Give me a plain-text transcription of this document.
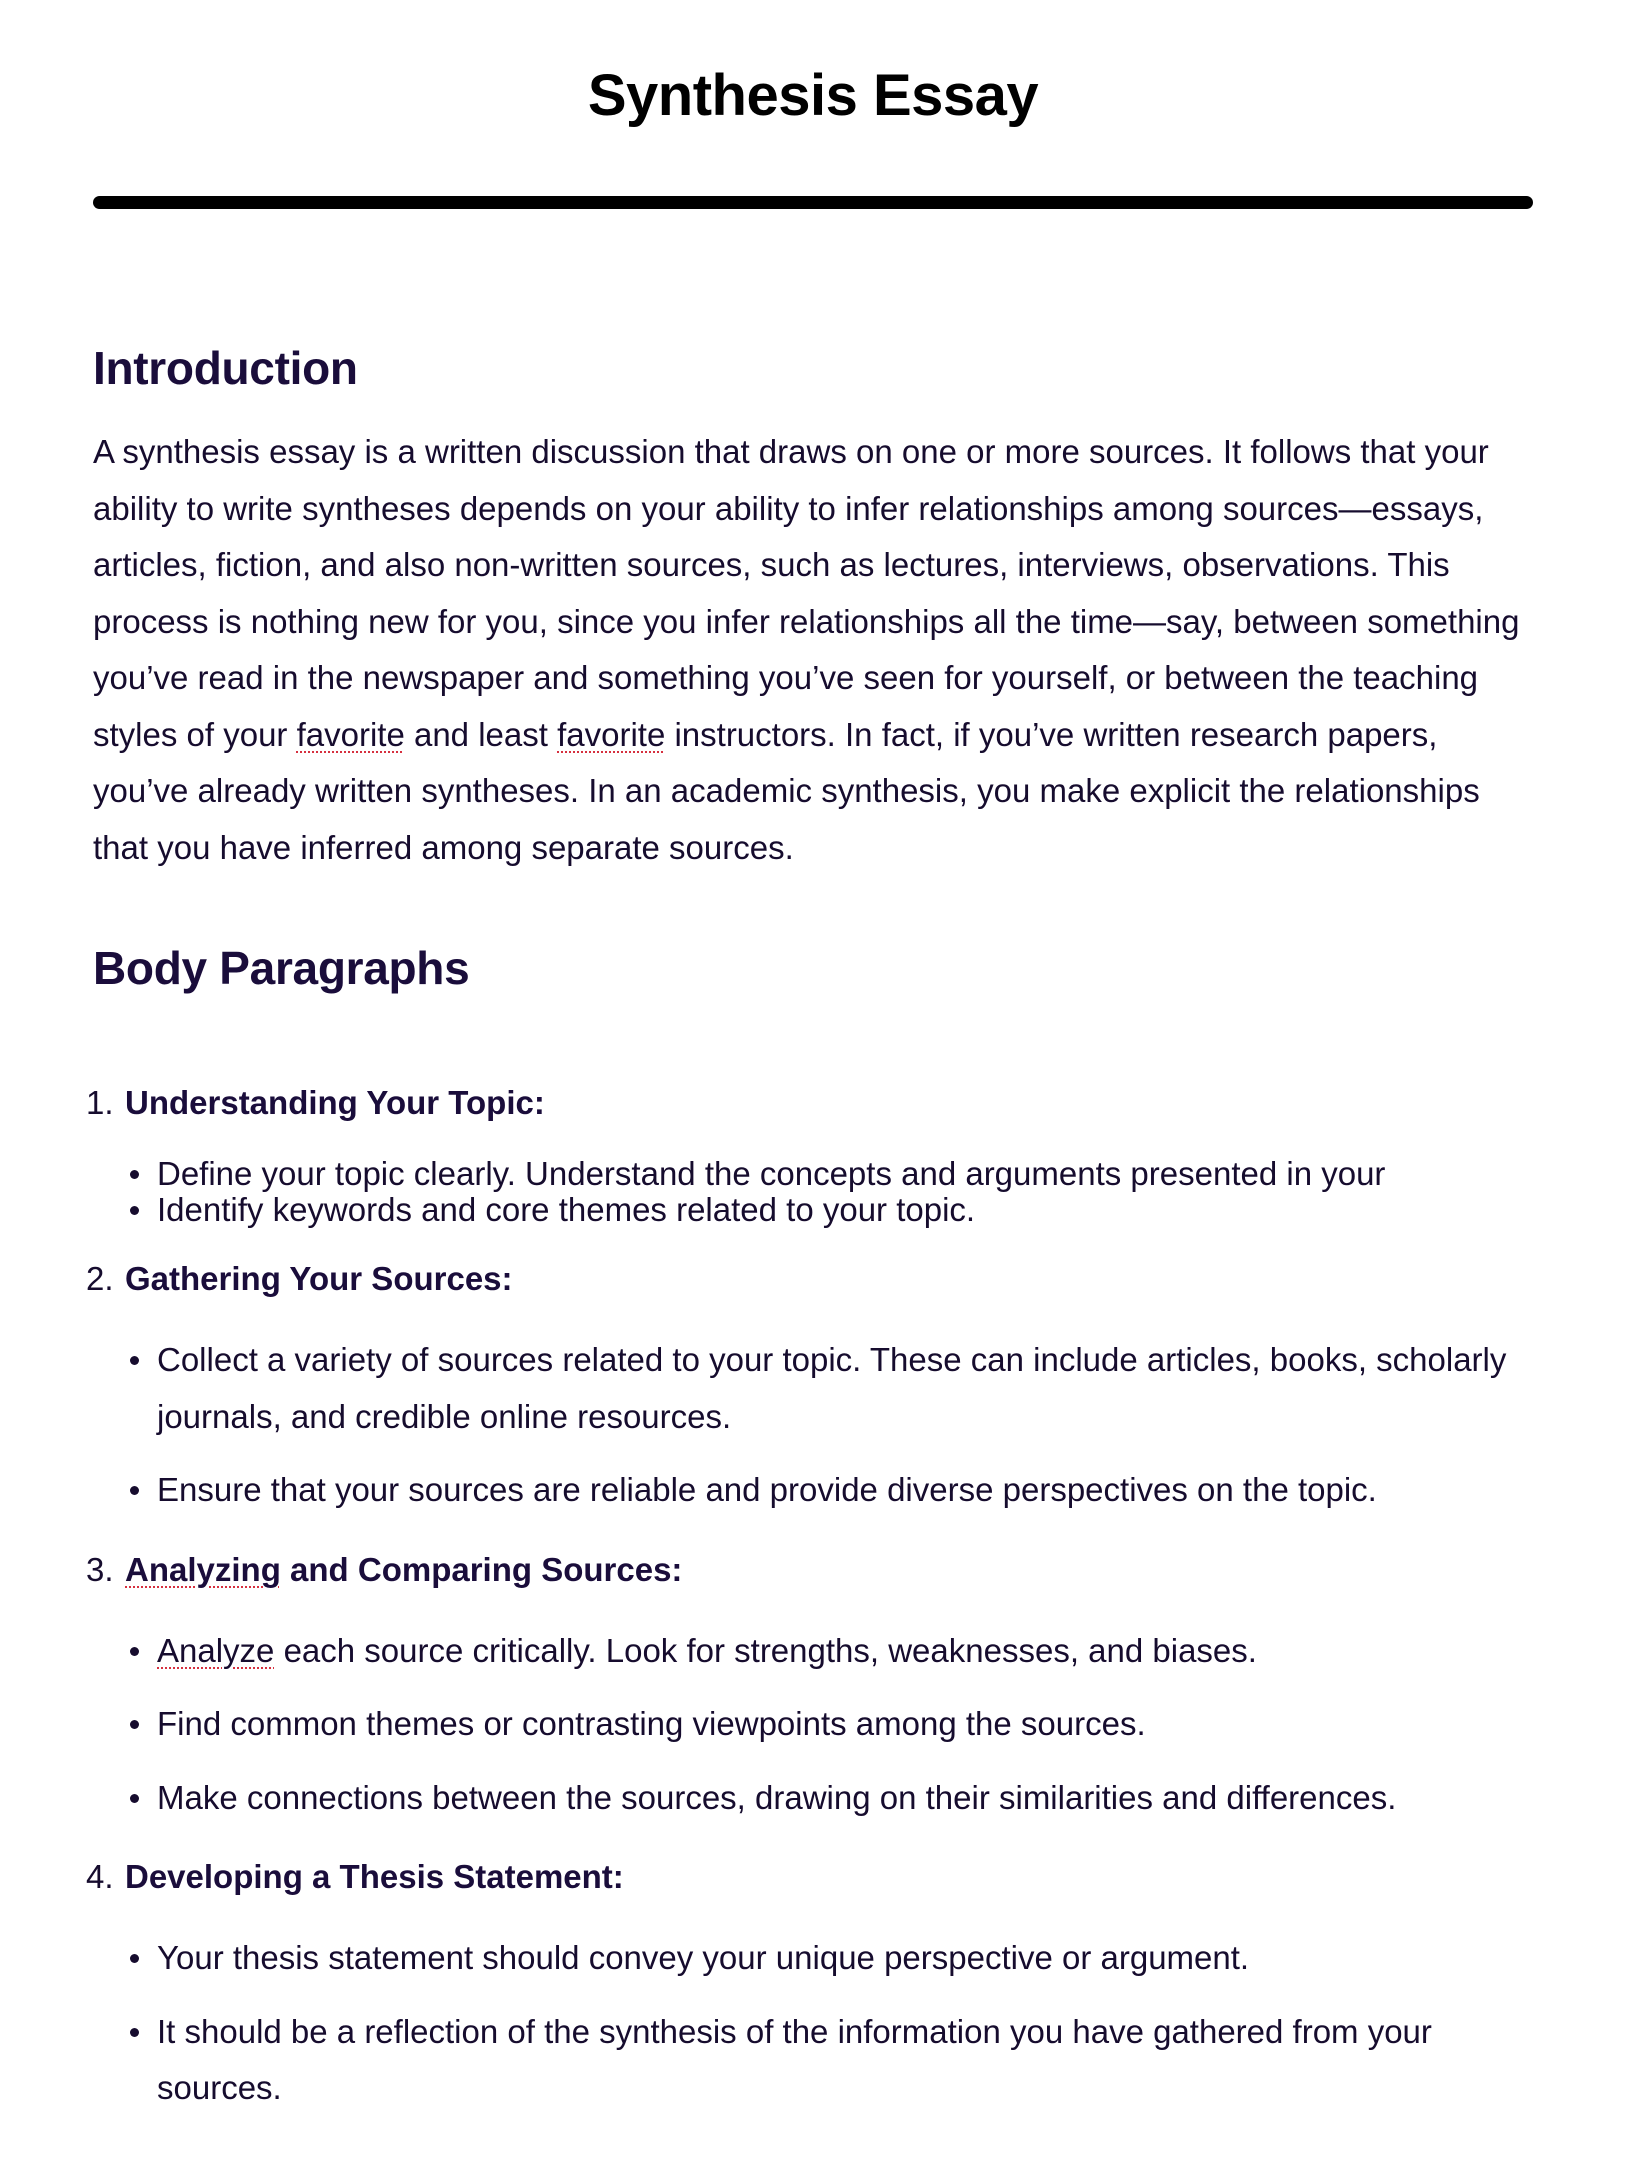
Synthesis Essay
Introduction

A synthesis essay is a written discussion that draws on one or more sources. It follows that your ability to write syntheses depends on your ability to infer relationships among sources—essays, articles, fiction, and also non-written sources, such as lectures, interviews, observations. This process is nothing new for you, since you infer relationships all the time—say, between something you’ve read in the newspaper and something you’ve seen for yourself, or between the teaching styles of your favorite and least favorite instructors. In fact, if you’ve written research papers, you’ve already written syntheses. In an academic synthesis, you make explicit the relationships that you have inferred among separate sources.

Body Paragraphs
1. Understanding Your Topic:
Define your topic clearly. Understand the concepts and arguments presented in your
Identify keywords and core themes related to your topic.
2. Gathering Your Sources:
Collect a variety of sources related to your topic. These can include articles, books, scholarly journals, and credible online resources.
Ensure that your sources are reliable and provide diverse perspectives on the topic.
3. Analyzing and Comparing Sources:
Analyze each source critically. Look for strengths, weaknesses, and biases.
Find common themes or contrasting viewpoints among the sources.
Make connections between the sources, drawing on their similarities and differences.
4. Developing a Thesis Statement:
Your thesis statement should convey your unique perspective or argument.
It should be a reflection of the synthesis of the information you have gathered from your sources.
